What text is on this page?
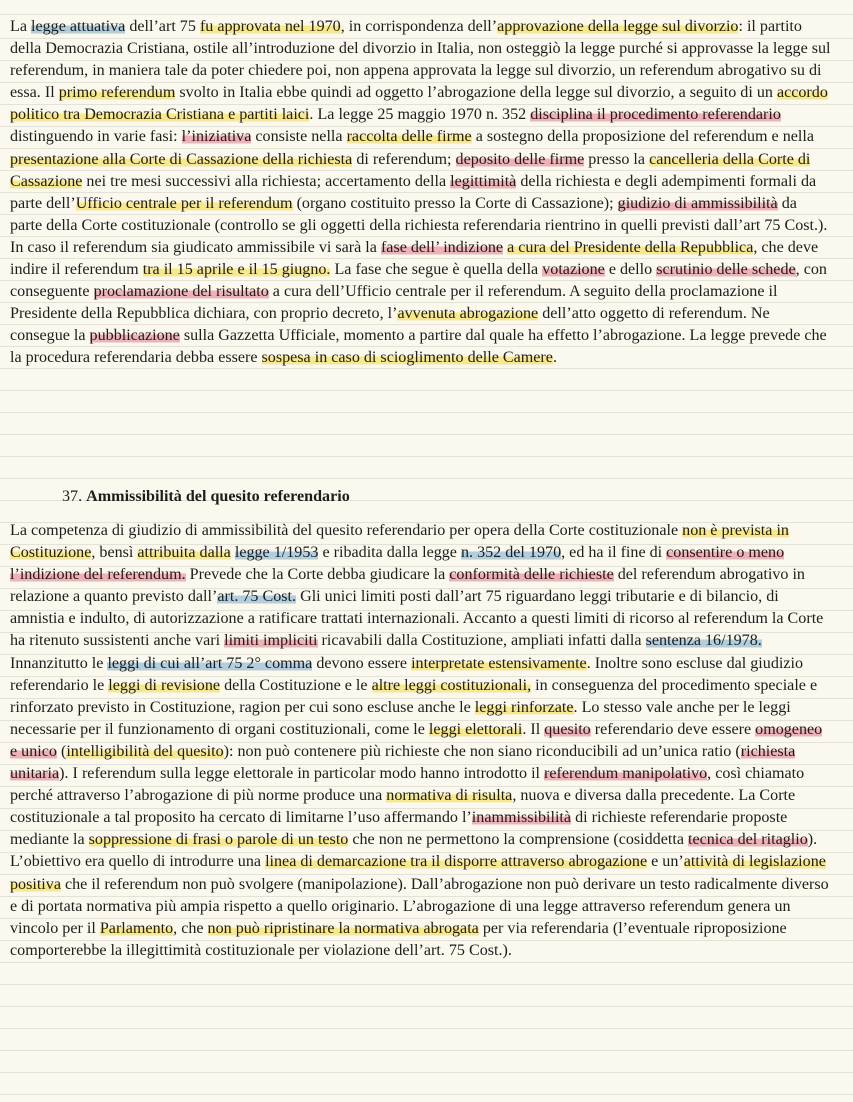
La legge attuativa dell’art 75 fu approvata nel 1970, in corrispondenza dell’approvazione della legge sul divorzio: il partito della Democrazia Cristiana, ostile all’introduzione del divorzio in Italia, non osteggiò la legge purché si approvasse la legge sul referendum, in maniera tale da poter chiedere poi, non appena approvata la legge sul divorzio, un referendum abrogativo su di essa. Il primo referendum svolto in Italia ebbe quindi ad oggetto l’abrogazione della legge sul divorzio, a seguito di un accordo politico tra Democrazia Cristiana e partiti laici. La legge 25 maggio 1970 n. 352 disciplina il procedimento referendario distinguendo in varie fasi: l’iniziativa consiste nella raccolta delle firme a sostegno della proposizione del referendum e nella presentazione alla Corte di Cassazione della richiesta di referendum; deposito delle firme presso la cancelleria della Corte di Cassazione nei tre mesi successivi alla richiesta; accertamento della legittimità della richiesta e degli adempimenti formali da parte dell’Ufficio centrale per il referendum (organo costituito presso la Corte di Cassazione); giudizio di ammissibilità da parte della Corte costituzionale (controllo se gli oggetti della richiesta referendaria rientrino in quelli previsti dall’art 75 Cost.). In caso il referendum sia giudicato ammissibile vi sarà la fase dell’ indizione a cura del Presidente della Repubblica, che deve indire il referendum tra il 15 aprile e il 15 giugno. La fase che segue è quella della votazione e dello scrutinio delle schede, con conseguente proclamazione del risultato a cura dell’Ufficio centrale per il referendum. A seguito della proclamazione il Presidente della Repubblica dichiara, con proprio decreto, l’avvenuta abrogazione dell’atto oggetto di referendum. Ne consegue la pubblicazione sulla Gazzetta Ufficiale, momento a partire dal quale ha effetto l’abrogazione. La legge prevede che la procedura referendaria debba essere sospesa in caso di scioglimento delle Camere.

37. Ammissibilità del quesito referendario

La competenza di giudizio di ammissibilità del quesito referendario per opera della Corte costituzionale non è prevista in Costituzione, bensì attribuita dalla legge 1/1953 e ribadita dalla legge n. 352 del 1970, ed ha il fine di consentire o meno l’indizione del referendum. Prevede che la Corte debba giudicare la conformità delle richieste del referendum abrogativo in relazione a quanto previsto dall’art. 75 Cost. Gli unici limiti posti dall’art 75 riguardano leggi tributarie e di bilancio, di amnistia e indulto, di autorizzazione a ratificare trattati internazionali. Accanto a questi limiti di ricorso al referendum la Corte ha ritenuto sussistenti anche vari limiti impliciti ricavabili dalla Costituzione, ampliati infatti dalla sentenza 16/1978. Innanzitutto le leggi di cui all’art 75 2° comma devono essere interpretate estensivamente. Inoltre sono escluse dal giudizio referendario le leggi di revisione della Costituzione e le altre leggi costituzionali, in conseguenza del procedimento speciale e rinforzato previsto in Costituzione, ragion per cui sono escluse anche le leggi rinforzate. Lo stesso vale anche per le leggi necessarie per il funzionamento di organi costituzionali, come le leggi elettorali. Il quesito referendario deve essere omogeneo e unico (intelligibilità del quesito): non può contenere più richieste che non siano riconducibili ad un’unica ratio (richiesta unitaria). I referendum sulla legge elettorale in particolar modo hanno introdotto il referendum manipolativo, così chiamato perché attraverso l’abrogazione di più norme produce una normativa di risulta, nuova e diversa dalla precedente. La Corte costituzionale a tal proposito ha cercato di limitarne l’uso affermando l’inammissibilità di richieste referendarie proposte mediante la soppressione di frasi o parole di un testo che non ne permettono la comprensione (cosiddetta tecnica del ritaglio). L’obiettivo era quello di introdurre una linea di demarcazione tra il disporre attraverso abrogazione e un’attività di legislazione positiva che il referendum non può svolgere (manipolazione). Dall’abrogazione non può derivare un testo radicalmente diverso e di portata normativa più ampia rispetto a quello originario. L’abrogazione di una legge attraverso referendum genera un vincolo per il Parlamento, che non può ripristinare la normativa abrogata per via referendaria (l’eventuale riproposizione comporterebbe la illegittimità costituzionale per violazione dell’art. 75 Cost.).
